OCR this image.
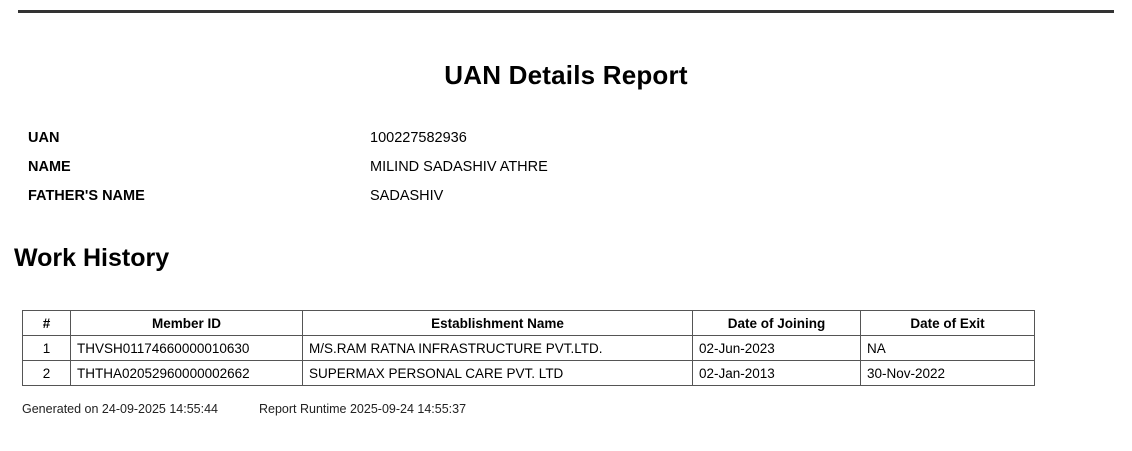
UAN Details Report
UAN	100227582936
NAME	MILIND SADASHIV ATHRE
FATHER'S NAME	SADASHIV
Work History
#	Member ID	Establishment Name	Date of Joining	Date of Exit
1	THVSH01174660000010630	M/S.RAM RATNA INFRASTRUCTURE PVT.LTD.	02-Jun-2023	NA
2	THTHA02052960000002662	SUPERMAX PERSONAL CARE PVT. LTD	02-Jan-2013	30-Nov-2022
Generated on 24-09-2025 14:55:44	Report Runtime 2025-09-24 14:55:37
